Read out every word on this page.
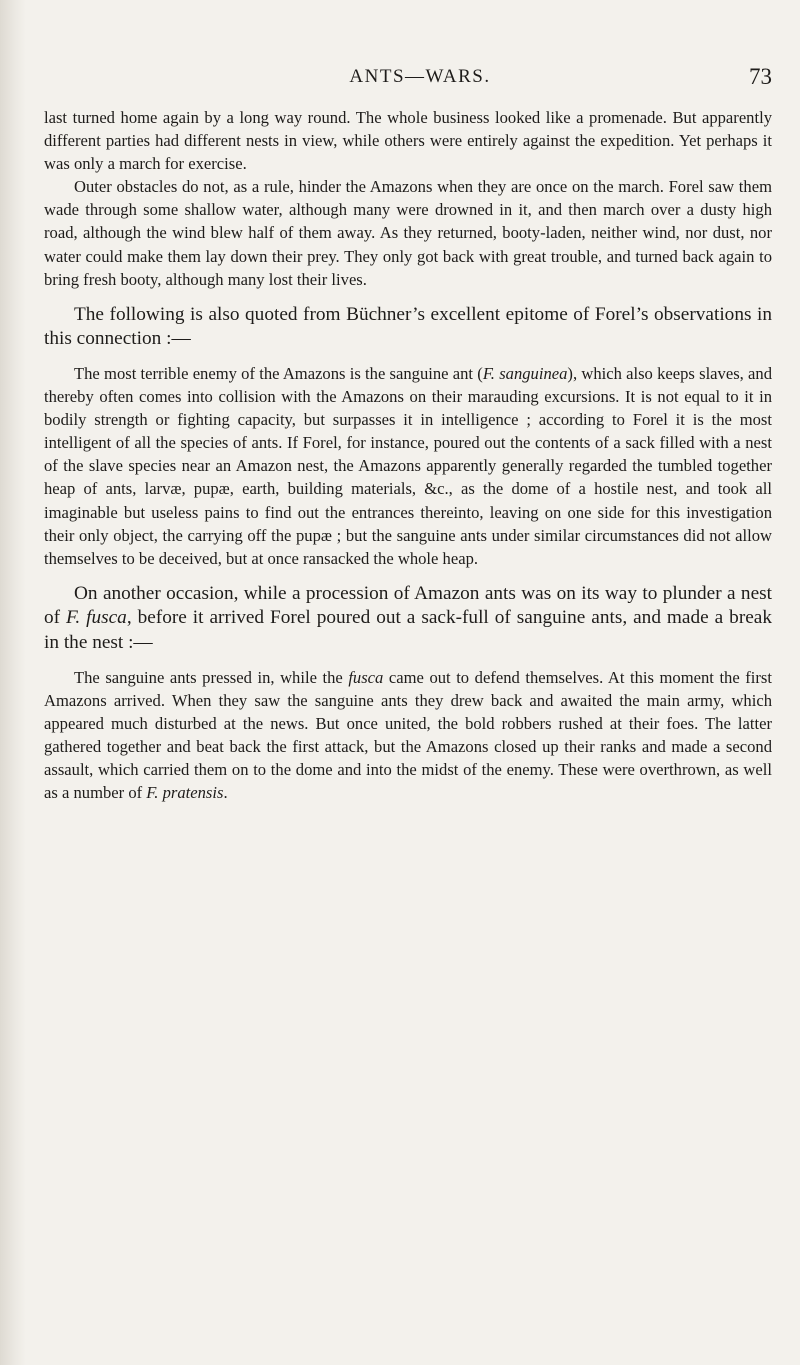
ANTS—WARS.	73

last turned home again by a long way round. The whole business looked like a promenade. But apparently different parties had different nests in view, while others were entirely against the expedition. Yet perhaps it was only a march for exercise.

Outer obstacles do not, as a rule, hinder the Amazons when they are once on the march. Forel saw them wade through some shallow water, although many were drowned in it, and then march over a dusty high road, although the wind blew half of them away. As they returned, booty-laden, neither wind, nor dust, nor water could make them lay down their prey. They only got back with great trouble, and turned back again to bring fresh booty, although many lost their lives.

The following is also quoted from Büchner’s excellent epitome of Forel’s observations in this connection :—

The most terrible enemy of the Amazons is the sanguine ant (F. sanguinea), which also keeps slaves, and thereby often comes into collision with the Amazons on their marauding excursions. It is not equal to it in bodily strength or fighting capacity, but surpasses it in intelligence ; according to Forel it is the most intelligent of all the species of ants. If Forel, for instance, poured out the contents of a sack filled with a nest of the slave species near an Amazon nest, the Amazons apparently generally regarded the tumbled together heap of ants, larvæ, pupæ, earth, building materials, &c., as the dome of a hostile nest, and took all imaginable but useless pains to find out the entrances thereinto, leaving on one side for this investigation their only object, the carrying off the pupæ ; but the sanguine ants under similar circumstances did not allow themselves to be deceived, but at once ransacked the whole heap.

On another occasion, while a procession of Amazon ants was on its way to plunder a nest of F. fusca, before it arrived Forel poured out a sack-full of sanguine ants, and made a break in the nest :—

The sanguine ants pressed in, while the fusca came out to defend themselves. At this moment the first Amazons arrived. When they saw the sanguine ants they drew back and awaited the main army, which appeared much disturbed at the news. But once united, the bold robbers rushed at their foes. The latter gathered together and beat back the first attack, but the Amazons closed up their ranks and made a second assault, which carried them on to the dome and into the midst of the enemy. These were overthrown, as well as a number of F. pratensis.
